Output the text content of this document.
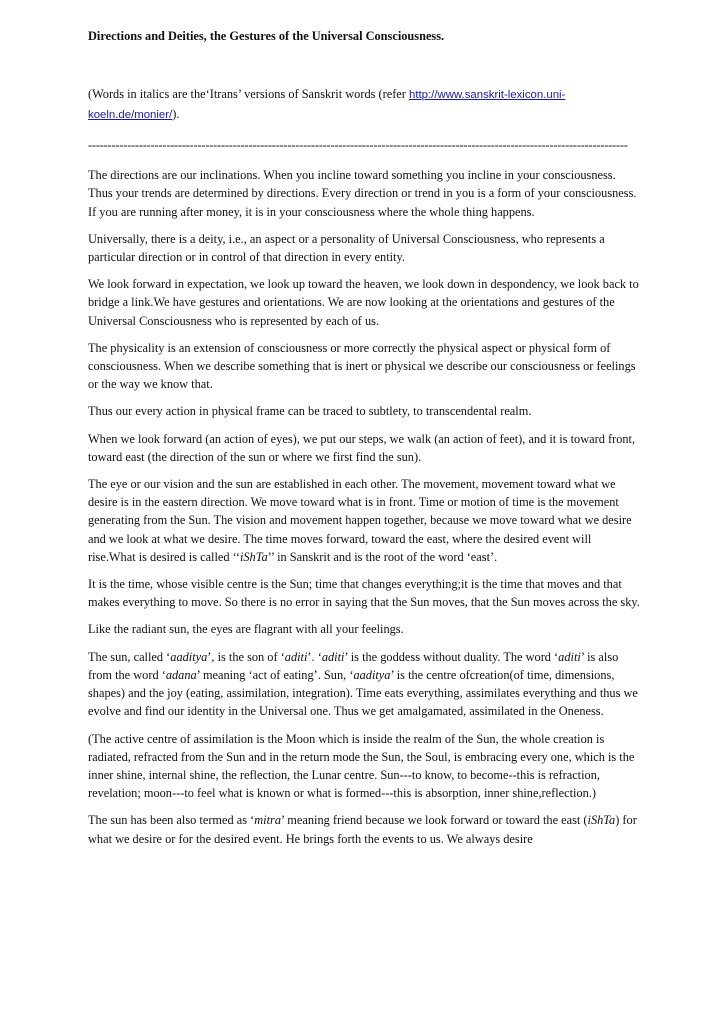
Directions and Deities, the Gestures of the Universal Consciousness.
(Words in italics are the‘Itrans’ versions of Sanskrit words (refer http://www.sanskrit-lexicon.uni-koeln.de/monier/).
------------------------------------------------------------------------------------------------------------------------------------------

The directions are our inclinations. When you incline toward something you incline in your consciousness. Thus your trends are determined by directions. Every direction or trend in you is a form of your consciousness. If you are running after money, it is in your consciousness where the whole thing happens.

Universally, there is a deity, i.e., an aspect or a personality of Universal Consciousness, who represents a particular direction or in control of that direction in every entity.

We look forward in expectation, we look up toward the heaven, we look down in despondency, we look back to bridge a link.We have gestures and orientations. We are now looking at the orientations and gestures of the Universal Consciousness who is represented by each of us.

The physicality is an extension of consciousness or more correctly the physical aspect or physical form of consciousness. When we describe something that is inert or physical we describe our consciousness or feelings or the way we know that.

Thus our every action in physical frame can be traced to subtlety, to transcendental realm.

When we look forward (an action of eyes), we put our steps, we walk (an action of feet), and it is toward front, toward east (the direction of the sun or where we first find the sun).

The eye or our vision and the sun are established in each other. The movement, movement toward what we desire is in the eastern direction. We move toward what is in front. Time or motion of time is the movement generating from the Sun. The vision and movement happen together, because we move toward what we desire and we look at what we desire. The time moves forward, toward the east, where the desired event will rise.What is desired is called ‘‘iShTa’’ in Sanskrit and is the root of the word ‘east’.

It is the time, whose visible centre is the Sun; time that changes everything;it is the time that moves and that makes everything to move. So there is no error in saying that the Sun moves, that the Sun moves across the sky.

Like the radiant sun, the eyes are flagrant with all your feelings.

The sun, called ‘aaditya’, is the son of ‘aditi’. ‘aditi’ is the goddess without duality. The word ‘aditi’ is also from the word ‘adana’ meaning ‘act of eating’. Sun, ‘aaditya’ is the centre ofcreation(of time, dimensions, shapes) and the joy (eating, assimilation, integration). Time eats everything, assimilates everything and thus we evolve and find our identity in the Universal one. Thus we get amalgamated, assimilated in the Oneness.

(The active centre of assimilation is the Moon which is inside the realm of the Sun, the whole creation is radiated, refracted from the Sun and in the return mode the Sun, the Soul, is embracing every one, which is the inner shine, internal shine, the reflection, the Lunar centre. Sun---to know, to become--this is refraction, revelation; moon---to feel what is known or what is formed---this is absorption, inner shine,reflection.)

The sun has been also termed as ‘mitra’ meaning friend because we look forward or toward the east (iShTa) for what we desire or for the desired event. He brings forth the events to us. We always desire
